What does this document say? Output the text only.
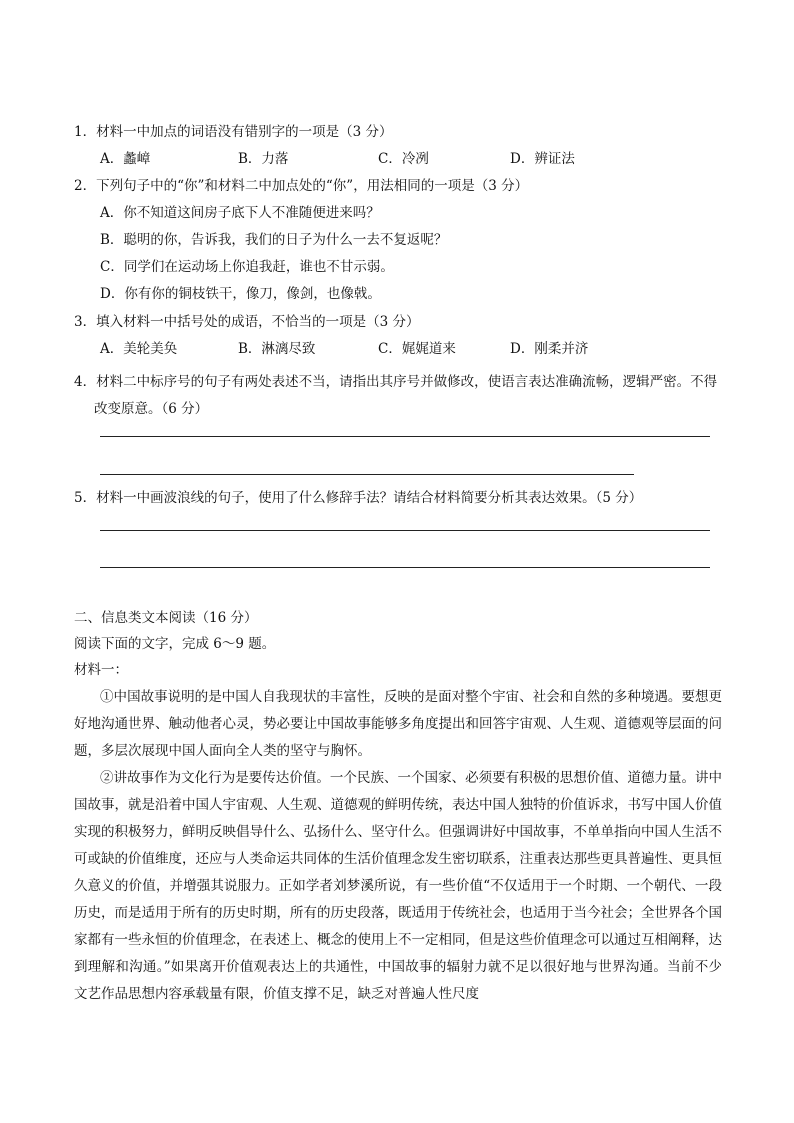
1．材料一中加点的词语没有错别字的一项是（3 分）
A．蠡嶂	B．力落	C．冷冽	D．辨证法
2．下列句子中的“你”和材料二中加点处的“你”，用法相同的一项是（3 分）
A．你不知道这间房子底下人不准随便进来吗？
B．聪明的你，告诉我，我们的日子为什么一去不复返呢？
C．同学们在运动场上你追我赶，谁也不甘示弱。
D．你有你的铜枝铁干，像刀，像剑，也像戟。
3．填入材料一中括号处的成语，不恰当的一项是（3 分）
A．美轮美奂	B．淋漓尽致	C．娓娓道来	D．刚柔并济
4．材料二中标序号的句子有两处表述不当，请指出其序号并做修改，使语言表达准确流畅，逻辑严密。不得改变原意。（6 分）
5．材料一中画波浪线的句子，使用了什么修辞手法？请结合材料简要分析其表达效果。（5 分）
二、信息类文本阅读（16 分）
阅读下面的文字，完成 6～9 题。
材料一：
①中国故事说明的是中国人自我现状的丰富性，反映的是面对整个宇宙、社会和自然的多种境遇。要想更好地沟通世界、触动他者心灵，势必要让中国故事能够多角度提出和回答宇宙观、人生观、道德观等层面的问题，多层次展现中国人面向全人类的坚守与胸怀。
②讲故事作为文化行为是要传达价值。一个民族、一个国家、必须要有积极的思想价值、道德力量。讲中国故事，就是沿着中国人宇宙观、人生观、道德观的鲜明传统，表达中国人独特的价值诉求，书写中国人价值实现的积极努力，鲜明反映倡导什么、弘扬什么、坚守什么。但强调讲好中国故事，不单单指向中国人生活不可或缺的价值维度，还应与人类命运共同体的生活价值理念发生密切联系，注重表达那些更具普遍性、更具恒久意义的价值，并增强其说服力。正如学者刘梦溪所说，有一些价值“不仅适用于一个时期、一个朝代、一段历史，而是适用于所有的历史时期，所有的历史段落，既适用于传统社会，也适用于当今社会；全世界各个国家都有一些永恒的价值理念，在表述上、概念的使用上不一定相同，但是这些价值理念可以通过互相阐释，达到理解和沟通。”如果离开价值观表达上的共通性，中国故事的辐射力就不足以很好地与世界沟通。当前不少文艺作品思想内容承载量有限，价值支撑不足，缺乏对普遍人性尺度
